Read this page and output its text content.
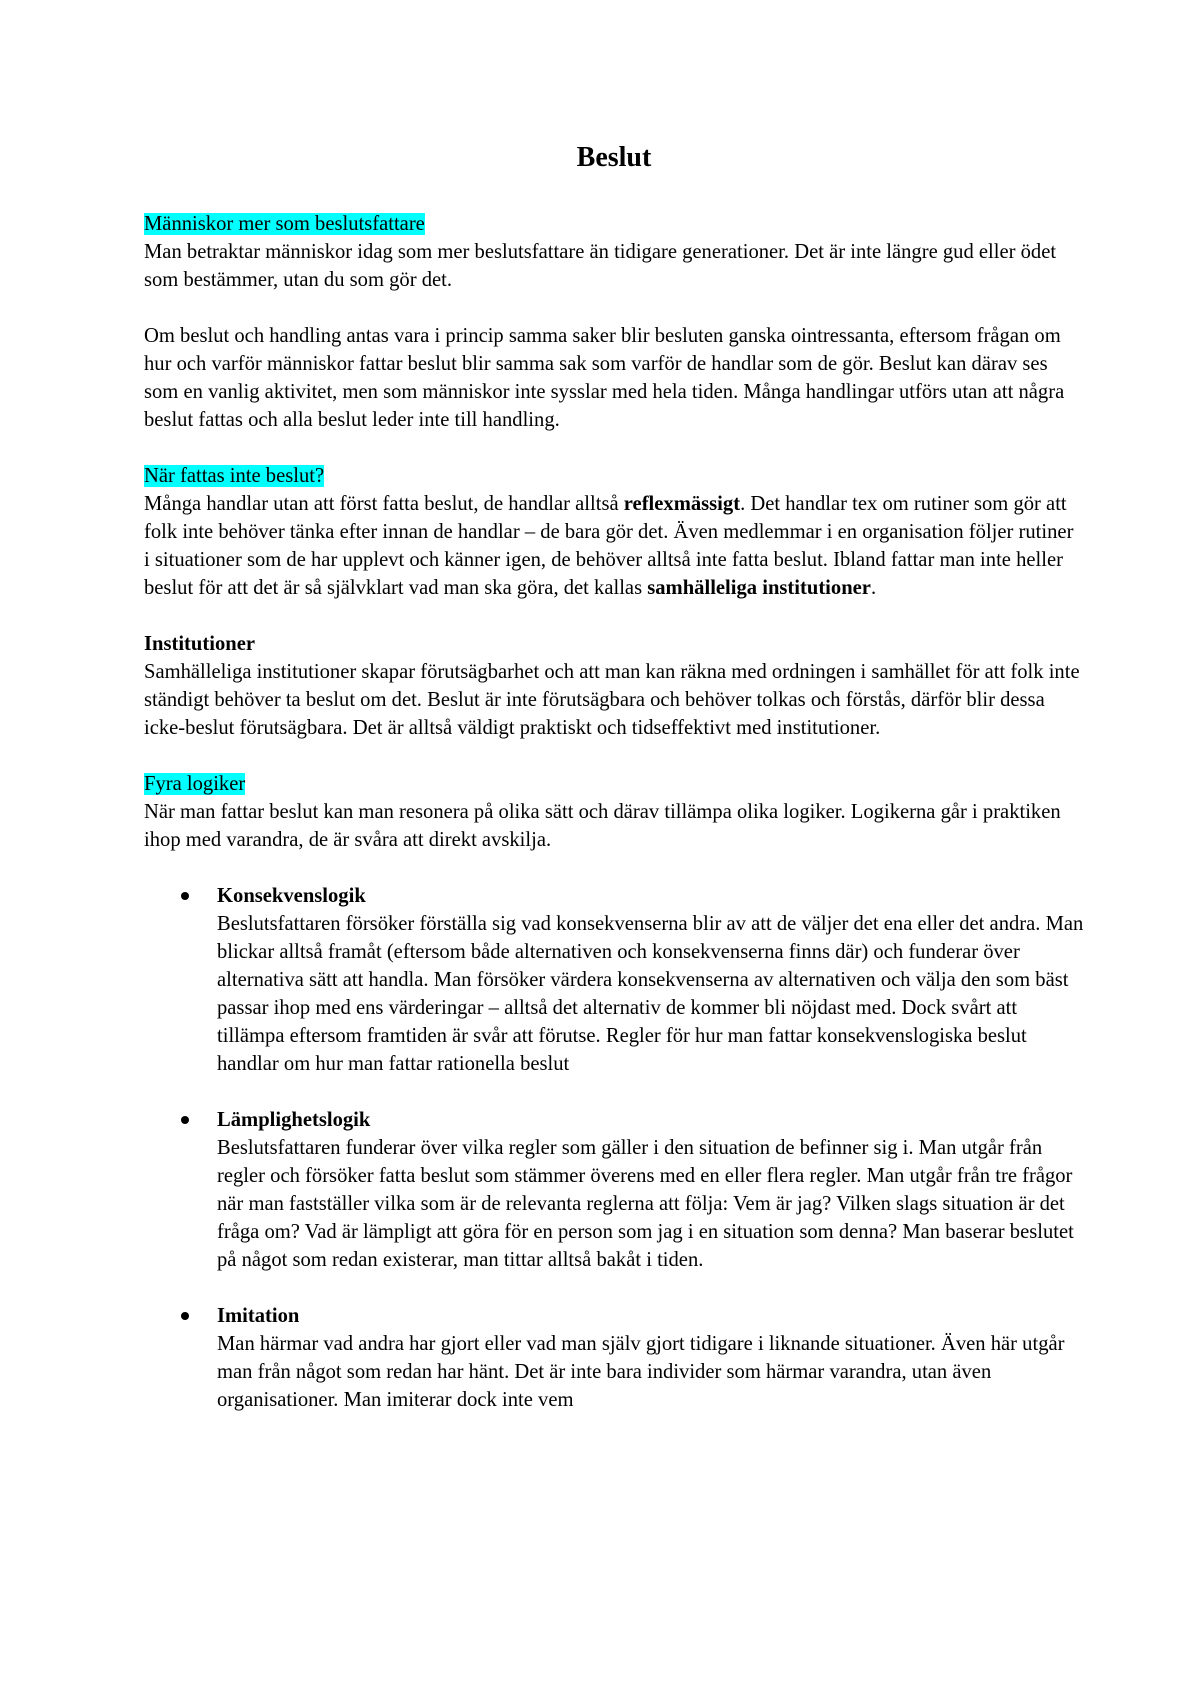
Beslut

Människor mer som beslutsfattare

Man betraktar människor idag som mer beslutsfattare än tidigare generationer. Det är inte längre gud eller ödet som bestämmer, utan du som gör det.

Om beslut och handling antas vara i princip samma saker blir besluten ganska ointressanta, eftersom frågan om hur och varför människor fattar beslut blir samma sak som varför de handlar som de gör. Beslut kan därav ses som en vanlig aktivitet, men som människor inte sysslar med hela tiden. Många handlingar utförs utan att några beslut fattas och alla beslut leder inte till handling.

När fattas inte beslut?

Många handlar utan att först fatta beslut, de handlar alltså reflexmässigt. Det handlar tex om rutiner som gör att folk inte behöver tänka efter innan de handlar – de bara gör det. Även medlemmar i en organisation följer rutiner i situationer som de har upplevt och känner igen, de behöver alltså inte fatta beslut. Ibland fattar man inte heller beslut för att det är så självklart vad man ska göra, det kallas samhälleliga institutioner.

Institutioner

Samhälleliga institutioner skapar förutsägbarhet och att man kan räkna med ordningen i samhället för att folk inte ständigt behöver ta beslut om det. Beslut är inte förutsägbara och behöver tolkas och förstås, därför blir dessa icke-beslut förutsägbara. Det är alltså väldigt praktiskt och tidseffektivt med institutioner.

Fyra logiker

När man fattar beslut kan man resonera på olika sätt och därav tillämpa olika logiker. Logikerna går i praktiken ihop med varandra, de är svåra att direkt avskilja.

Konsekvenslogik

Beslutsfattaren försöker förställa sig vad konsekvenserna blir av att de väljer det ena eller det andra. Man blickar alltså framåt (eftersom både alternativen och konsekvenserna finns där) och funderar över alternativa sätt att handla. Man försöker värdera konsekvenserna av alternativen och välja den som bäst passar ihop med ens värderingar – alltså det alternativ de kommer bli nöjdast med. Dock svårt att tillämpa eftersom framtiden är svår att förutse. Regler för hur man fattar konsekvenslogiska beslut handlar om hur man fattar rationella beslut

Lämplighetslogik

Beslutsfattaren funderar över vilka regler som gäller i den situation de befinner sig i. Man utgår från regler och försöker fatta beslut som stämmer överens med en eller flera regler. Man utgår från tre frågor när man fastställer vilka som är de relevanta reglerna att följa: Vem är jag? Vilken slags situation är det fråga om? Vad är lämpligt att göra för en person som jag i en situation som denna? Man baserar beslutet på något som redan existerar, man tittar alltså bakåt i tiden.

Imitation

Man härmar vad andra har gjort eller vad man själv gjort tidigare i liknande situationer. Även här utgår man från något som redan har hänt. Det är inte bara individer som härmar varandra, utan även organisationer. Man imiterar dock inte vem
